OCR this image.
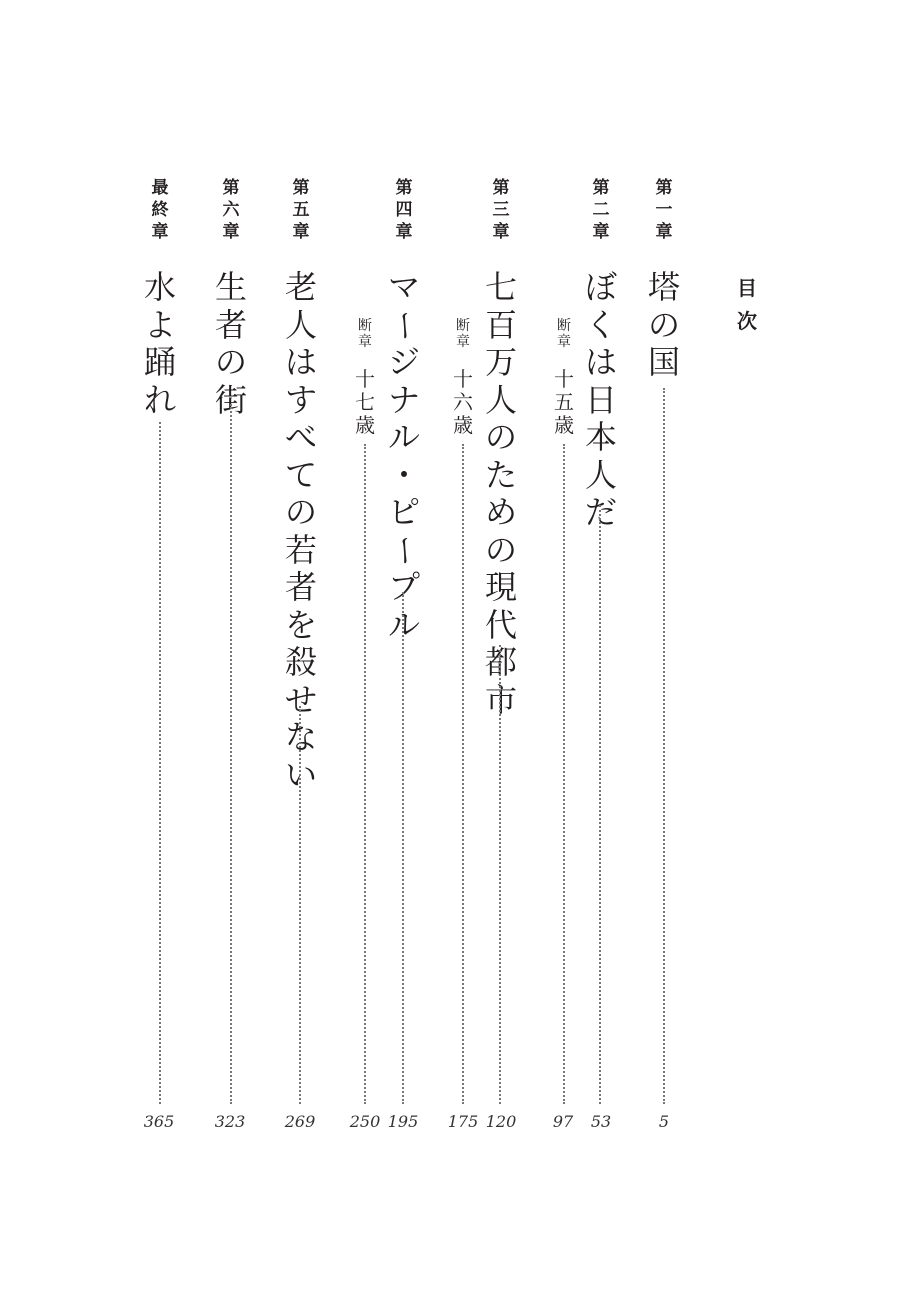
目
次
第
一
章
塔
の
国
5
第
二
章
ぼ
く
は
日
本
人
だ
53
断
章
十
五
歳
97
第
三
章
七
百
万
人
の
た
め
の
現
代
都
市
120
断
章
十
六
歳
175
第
四
章
マ
ー
ジ
ナ
ル
・
ピ
ー
プ
ル
195
断
章
十
七
歳
250
第
五
章
老
人
は
す
べ
て
の
若
者
を
殺
せ
な
い
269
第
六
章
生
者
の
街
323
最
終
章
水
よ
踊
れ
365
